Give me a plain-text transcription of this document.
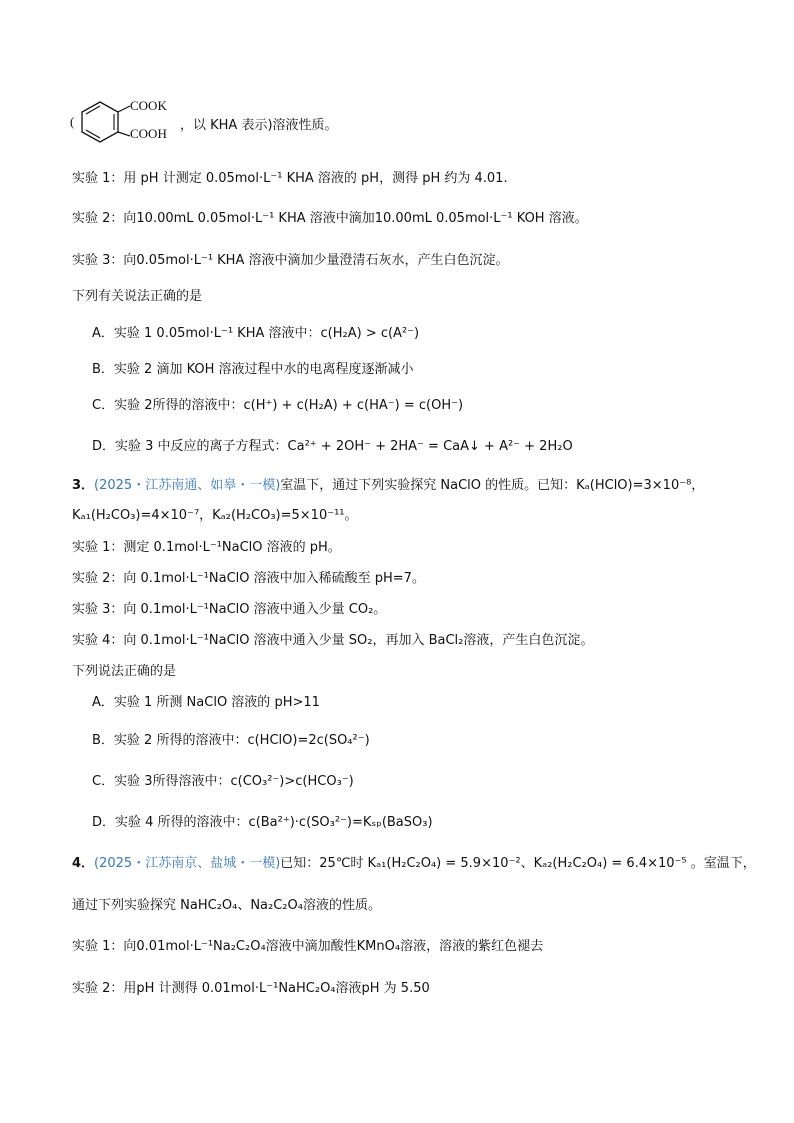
(
COOK
COOH
，以 KHA 表示)溶液性质。
实验 1：用 pH 计测定 0.05mol·L⁻¹ KHA 溶液的 pH，测得 pH 约为 4.01.
实验 2：向10.00mL 0.05mol·L⁻¹ KHA 溶液中滴加10.00mL 0.05mol·L⁻¹ KOH 溶液。
实验 3：向0.05mol·L⁻¹ KHA 溶液中滴加少量澄清石灰水，产生白色沉淀。
下列有关说法正确的是
A．实验 1 0.05mol·L⁻¹ KHA 溶液中：c(H₂A) > c(A²⁻)
B．实验 2 滴加 KOH 溶液过程中水的电离程度逐渐减小
C．实验 2所得的溶液中：c(H⁺) + c(H₂A) + c(HA⁻) = c(OH⁻)
D．实验 3 中反应的离子方程式：Ca²⁺ + 2OH⁻ + 2HA⁻ = CaA↓ + A²⁻ + 2H₂O
3．(2025・江苏南通、如皋・一模)室温下，通过下列实验探究 NaClO 的性质。已知：Kₐ(HClO)=3×10⁻⁸，
Kₐ₁(H₂CO₃)=4×10⁻⁷，Kₐ₂(H₂CO₃)=5×10⁻¹¹。
实验 1：测定 0.1mol·L⁻¹NaClO 溶液的 pH。
实验 2：向 0.1mol·L⁻¹NaClO 溶液中加入稀硫酸至 pH=7。
实验 3：向 0.1mol·L⁻¹NaClO 溶液中通入少量 CO₂。
实验 4：向 0.1mol·L⁻¹NaClO 溶液中通入少量 SO₂，再加入 BaCl₂溶液，产生白色沉淀。
下列说法正确的是
A．实验 1 所测 NaClO 溶液的 pH>11
B．实验 2 所得的溶液中：c(HClO)=2c(SO₄²⁻)
C．实验 3所得溶液中：c(CO₃²⁻)>c(HCO₃⁻)
D．实验 4 所得的溶液中：c(Ba²⁺)·c(SO₃²⁻)=Kₛₚ(BaSO₃)
4．(2025・江苏南京、盐城・一模)已知：25℃时 Kₐ₁(H₂C₂O₄) = 5.9×10⁻²、Kₐ₂(H₂C₂O₄) = 6.4×10⁻⁵ 。室温下，
通过下列实验探究 NaHC₂O₄、Na₂C₂O₄溶液的性质。
实验 1：向0.01mol·L⁻¹Na₂C₂O₄溶液中滴加酸性KMnO₄溶液，溶液的紫红色褪去
实验 2：用pH 计测得 0.01mol·L⁻¹NaHC₂O₄溶液pH 为 5.50
